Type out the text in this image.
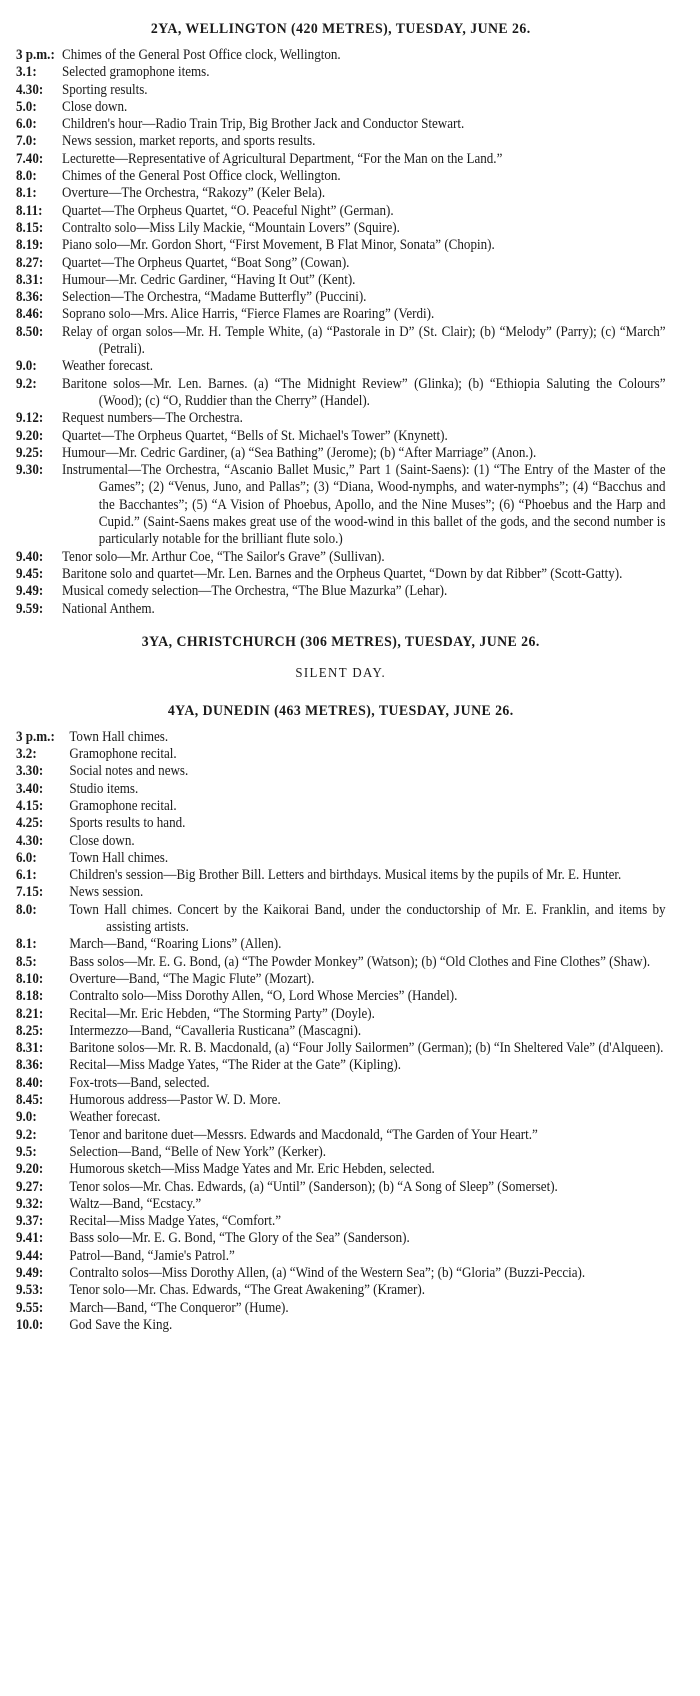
2YA, WELLINGTON (420 METRES), TUESDAY, JUNE 26.
3 p.m.: Chimes of the General Post Office clock, Wellington.
3.1:	Selected gramophone items.
4.30:	Sporting results.
5.0:	Close down.
6.0:	Children's hour—Radio Train Trip, Big Brother Jack and Conductor Stewart.
7.0:	News session, market reports, and sports results.
7.40:	Lecturette—Representative of Agricultural Department, “For the Man on the Land.”
8.0:	Chimes of the General Post Office clock, Wellington.
8.1:	Overture—The Orchestra, “Rakozy” (Keler Bela).
8.11:	Quartet—The Orpheus Quartet, “O. Peaceful Night” (German).
8.15:	Contralto solo—Miss Lily Mackie, “Mountain Lovers” (Squire).
8.19:	Piano solo—Mr. Gordon Short, “First Movement, B Flat Minor, Sonata” (Chopin).
8.27:	Quartet—The Orpheus Quartet, “Boat Song” (Cowan).
8.31:	Humour—Mr. Cedric Gardiner, “Having It Out” (Kent).
8.36:	Selection—The Orchestra, “Madame Butterfly” (Puccini).
8.46:	Soprano solo—Mrs. Alice Harris, “Fierce Flames are Roaring” (Verdi).
8.50:	Relay of organ solos—Mr. H. Temple White, (a) “Pastorale in D” (St. Clair); (b) “Melody” (Parry); (c) “March” (Petrali).
9.0:	Weather forecast.
9.2:	Baritone solos—Mr. Len. Barnes. (a) “The Midnight Review” (Glinka); (b) “Ethiopia Saluting the Colours” (Wood); (c) “O, Ruddier than the Cherry” (Handel).
9.12:	Request numbers—The Orchestra.
9.20:	Quartet—The Orpheus Quartet, “Bells of St. Michael's Tower” (Knynett).
9.25:	Humour—Mr. Cedric Gardiner, (a) “Sea Bathing” (Jerome); (b) “After Marriage” (Anon.).
9.30:	Instrumental—The Orchestra, “Ascanio Ballet Music,” Part 1 (Saint-Saens): (1) “The Entry of the Master of the Games”; (2) “Venus, Juno, and Pallas”; (3) “Diana, Wood-nymphs, and water-nymphs”; (4) “Bacchus and the Bacchantes”; (5) “A Vision of Phoebus, Apollo, and the Nine Muses”; (6) “Phoebus and the Harp and Cupid.” (Saint-Saens makes great use of the wood-wind in this ballet of the gods, and the second number is particularly notable for the brilliant flute solo.)
9.40:	Tenor solo—Mr. Arthur Coe, “The Sailor's Grave” (Sullivan).
9.45:	Baritone solo and quartet—Mr. Len. Barnes and the Orpheus Quartet, “Down by dat Ribber” (Scott-Gatty).
9.49:	Musical comedy selection—The Orchestra, “The Blue Mazurka” (Lehar).
9.59:	National Anthem.
3YA, CHRISTCHURCH (306 METRES), TUESDAY, JUNE 26.
SILENT DAY.
4YA, DUNEDIN (463 METRES), TUESDAY, JUNE 26.
3 p.m.:	Town Hall chimes.
3.2:	Gramophone recital.
3.30:	Social notes and news.
3.40:	Studio items.
4.15:	Gramophone recital.
4.25:	Sports results to hand.
4.30:	Close down.
6.0:	Town Hall chimes.
6.1:	Children's session—Big Brother Bill. Letters and birthdays. Musical items by the pupils of Mr. E. Hunter.
7.15:	News session.
8.0:	Town Hall chimes. Concert by the Kaikorai Band, under the conductorship of Mr. E. Franklin, and items by assisting artists.
8.1:	March—Band, “Roaring Lions” (Allen).
8.5:	Bass solos—Mr. E. G. Bond, (a) “The Powder Monkey” (Watson); (b) “Old Clothes and Fine Clothes” (Shaw).
8.10:	Overture—Band, “The Magic Flute” (Mozart).
8.18:	Contralto solo—Miss Dorothy Allen, “O, Lord Whose Mercies” (Handel).
8.21:	Recital—Mr. Eric Hebden, “The Storming Party” (Doyle).
8.25:	Intermezzo—Band, “Cavalleria Rusticana” (Mascagni).
8.31:	Baritone solos—Mr. R. B. Macdonald, (a) “Four Jolly Sailormen” (German); (b) “In Sheltered Vale” (d'Alqueen).
8.36:	Recital—Miss Madge Yates, “The Rider at the Gate” (Kipling).
8.40:	Fox-trots—Band, selected.
8.45:	Humorous address—Pastor W. D. More.
9.0:	Weather forecast.
9.2:	Tenor and baritone duet—Messrs. Edwards and Macdonald, “The Garden of Your Heart.”
9.5:	Selection—Band, “Belle of New York” (Kerker).
9.20:	Humorous sketch—Miss Madge Yates and Mr. Eric Hebden, selected.
9.27:	Tenor solos—Mr. Chas. Edwards, (a) “Until” (Sanderson); (b) “A Song of Sleep” (Somerset).
9.32:	Waltz—Band, “Ecstacy.”
9.37:	Recital—Miss Madge Yates, “Comfort.”
9.41:	Bass solo—Mr. E. G. Bond, “The Glory of the Sea” (Sanderson).
9.44:	Patrol—Band, “Jamie's Patrol.”
9.49:	Contralto solos—Miss Dorothy Allen, (a) “Wind of the Western Sea”; (b) “Gloria” (Buzzi-Peccia).
9.53:	Tenor solo—Mr. Chas. Edwards, “The Great Awakening” (Kramer).
9.55:	March—Band, “The Conqueror” (Hume).
10.0:	God Save the King.
